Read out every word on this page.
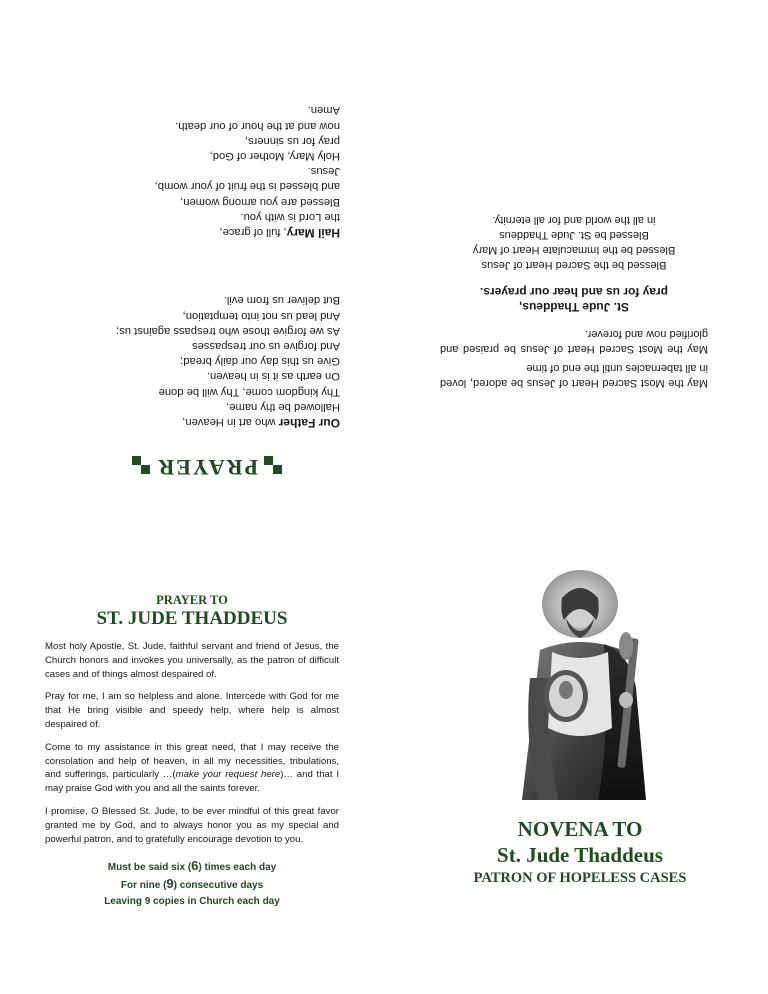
PRAYER
Our Father who art in Heaven,
Hallowed be thy name,
Thy kingdom come, Thy will be done
On earth as it is in heaven.
Give us this day our daily bread;
And forgive us our trespasses
As we forgive those who trespass against us;
And lead us not into temptation,
But deliver us from evil.
Hail Mary, full of grace,
the Lord is with you.
Blessed are you among women,
and blessed is the fruit of your womb,
Jesus.
Holy Mary, Mother of God,
pray for us sinners,
now and at the hour of our death.
Amen.

May the Most Sacred Heart of Jesus be adored, loved in all tabernacles until the end of time

May the Most Sacred Heart of Jesus be praised and glorified now and forever.

St. Jude Thaddeus,
pray for us and hear our prayers.
Blessed be the Sacred Heart of Jesus
Blessed be the Immaculate Heart of Mary
Blessed be St. Jude Thaddeus
in all the world and for all eternity.
PRAYER TO
ST. JUDE THADDEUS

Most holy Apostle, St. Jude, faithful servant and friend of Jesus, the Church honors and invokes you universally, as the patron of difficult cases and of things almost despaired of.

Pray for me, I am so helpless and alone. Intercede with God for me that He bring visible and speedy help, where help is almost despaired of.

Come to my assistance in this great need, that I may receive the consolation and help of heaven, in all my necessities, tribulations, and sufferings, particularly …(make your request here)… and that I may praise God with you and all the saints forever.

I promise, O Blessed St. Jude, to be ever mindful of this great favor granted me by God, and to always honor you as my special and powerful patron, and to gratefully encourage devotion to you.

Must be said six (6) times each day
For nine (9) consecutive days
Leaving 9 copies in Church each day
NOVENA TO
St. Jude Thaddeus
PATRON OF HOPELESS CASES
